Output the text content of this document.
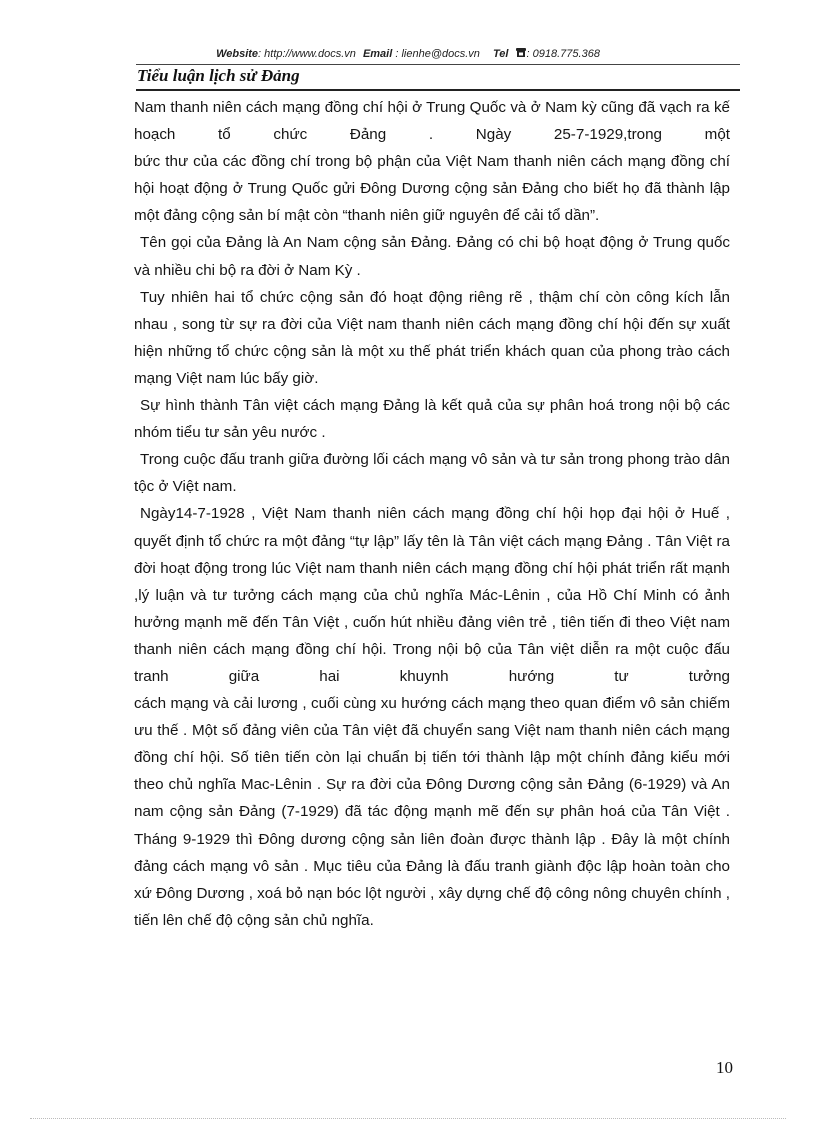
Website: http://www.docs.vn Email : lienhe@docs.vn Tel : 0918.775.368
Tiểu luận lịch sử Đảng

Nam thanh niên cách mạng đồng chí hội ở Trung Quốc và ở Nam kỳ cũng đã vạch ra kế hoạch tổ chức Đảng . Ngày 25-7-1929,trong một

bức thư của các đồng chí trong bộ phận của Việt Nam thanh niên cách mạng đồng chí hội hoạt động ở Trung Quốc gửi Đông Dương cộng sản Đảng cho biết họ đã thành lập một đảng cộng sản bí mật còn “thanh niên giữ nguyên để cải tổ dần”.

Tên gọi của Đảng là An Nam cộng sản Đảng. Đảng có chi bộ hoạt động ở Trung quốc và nhiều chi bộ ra đời ở Nam Kỳ .

Tuy nhiên hai tổ chức cộng sản đó hoạt động riêng rẽ , thậm chí còn công kích lẫn nhau , song từ sự ra đời của Việt nam thanh niên cách mạng đồng chí hội đến sự xuất hiện những tổ chức cộng sản là một xu thế phát triển khách quan của phong trào cách mạng Việt nam lúc bấy giờ.

Sự hình thành Tân việt cách mạng Đảng là kết quả của sự phân hoá trong nội bộ các nhóm tiểu tư sản yêu nước .

Trong cuộc đấu tranh giữa đường lối cách mạng vô sản và tư sản trong phong trào dân tộc ở Việt nam.

Ngày14-7-1928 , Việt Nam thanh niên cách mạng đồng chí hội họp đại hội ở Huế , quyết định tổ chức ra một đảng “tự lập” lấy tên là Tân việt cách mạng Đảng . Tân Việt ra đời hoạt động trong lúc Việt nam thanh niên cách mạng đồng chí hội phát triển rất mạnh ,lý luận và tư tưởng cách mạng của chủ nghĩa Mác-Lênin , của Hồ Chí Minh có ảnh hưởng mạnh mẽ đến Tân Việt , cuốn hút nhiều đảng viên trẻ , tiên tiến đi theo Việt nam thanh niên cách mạng đồng chí hội. Trong nội bộ của Tân việt diễn ra một cuộc đấu tranh giữa hai khuynh hướng tư tưởng

cách mạng và cải lương , cuối cùng xu hướng cách mạng theo quan điểm vô sản chiếm ưu thế . Một số đảng viên của Tân việt đã chuyển sang Việt nam thanh niên cách mạng đồng chí hội. Số tiên tiến còn lại chuẩn bị tiến tới thành lập một chính đảng kiểu mới theo chủ nghĩa Mac-Lênin . Sự ra đời của Đông Dương cộng sản Đảng (6-1929) và An nam cộng sản Đảng (7-1929) đã tác động mạnh mẽ đến sự phân hoá của Tân Việt . Tháng 9-1929 thì Đông dương cộng sản liên đoàn được thành lập . Đây là một chính đảng cách mạng vô sản . Mục tiêu của Đảng là đấu tranh giành độc lập hoàn toàn cho xứ Đông Dương , xoá bỏ nạn bóc lột người , xây dựng chế độ công nông chuyên chính , tiến lên chế độ cộng sản chủ nghĩa.

10
